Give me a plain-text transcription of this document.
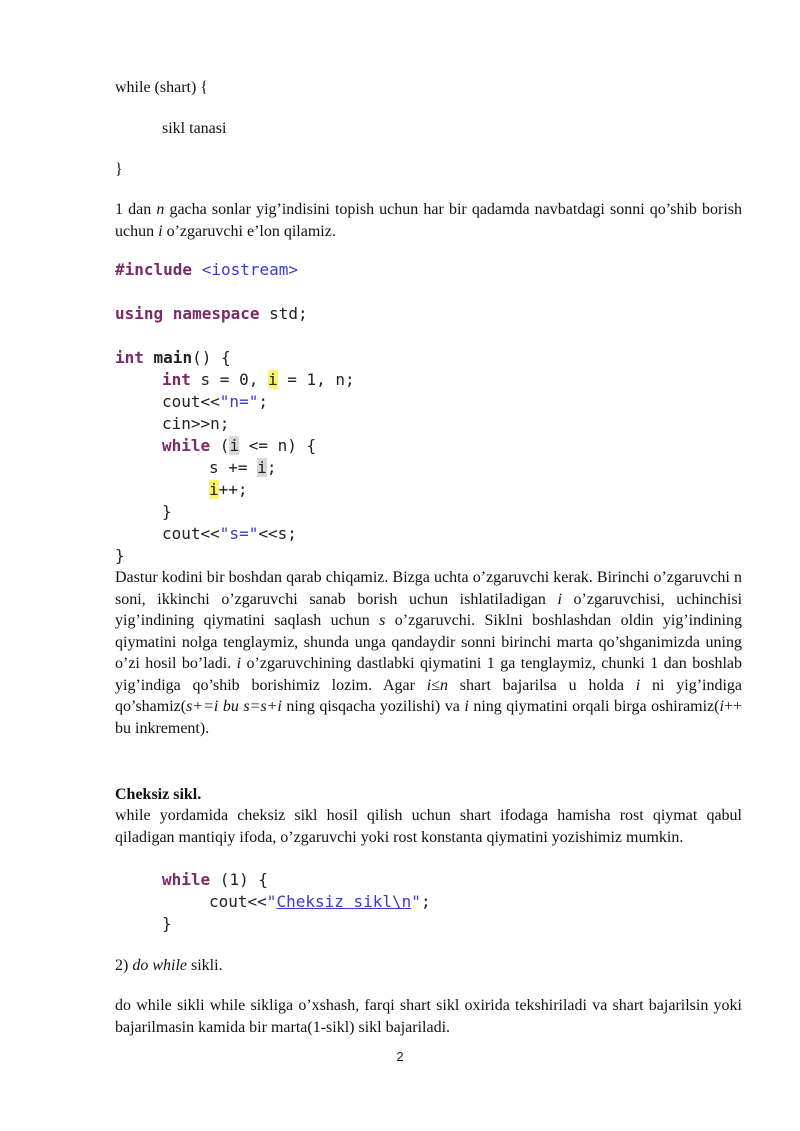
while (shart) {

sikl tanasi

}

1 dan n gacha sonlar yig’indisini topish uchun har bir qadamda navbatdagi sonni qo’shib borish uchun i o’zgaruvchi e’lon qilamiz.

#include <iostream>
using namespace std;
int main() {
int s = 0, i = 1, n;
cout<<"n=";
cin>>n;
while (i <= n) {
s += i;
i++;
}
cout<<"s="<<s;
}

Dastur kodini bir boshdan qarab chiqamiz. Bizga uchta o’zgaruvchi kerak. Birinchi o’zgaruvchi n soni, ikkinchi o’zgaruvchi sanab borish uchun ishlatiladigan i o’zgaruvchisi, uchinchisi yig’indining qiymatini saqlash uchun s o’zgaruvchi. Siklni boshlashdan oldin yig’indining qiymatini nolga tenglaymiz, shunda unga qandaydir sonni birinchi marta qo’shganimizda uning o’zi hosil bo’ladi. i o’zgaruvchining dastlabki qiymatini 1 ga tenglaymiz, chunki 1 dan boshlab yig’indiga qo’shib borishimiz lozim. Agar i≤n shart bajarilsa u holda i ni yig’indiga qo’shamiz(s+=i bu s=s+i ning qisqacha yozilishi) va i ning qiymatini orqali birga oshiramiz(i++ bu inkrement).

Cheksiz sikl.

while yordamida cheksiz sikl hosil qilish uchun shart ifodaga hamisha rost qiymat qabul qiladigan mantiqiy ifoda, o’zgaruvchi yoki rost konstanta qiymatini yozishimiz mumkin.

while (1) {
cout<<"Cheksiz sikl\n";
}

2) do while sikli.

do while sikli while sikliga o’xshash, farqi shart sikl oxirida tekshiriladi va shart bajarilsin yoki bajarilmasin kamida bir marta(1-sikl) sikl bajariladi.

2
